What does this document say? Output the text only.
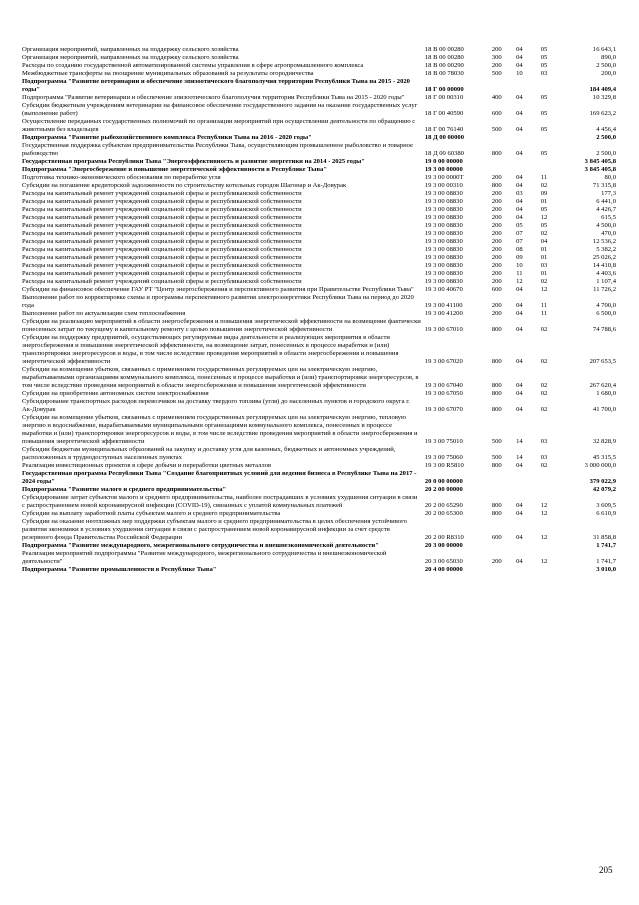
Организация мероприятий, направленных на поддержку сельского хозяйства	18 В 00 00280	200	04	05	16 643,1
Организация мероприятий, направленных на поддержку сельского хозяйства	18 В 00 00280	300	04	05	890,0
Расходы по созданию государственной автоматизированной системы управления в сфере агропромышленного комплекса	18 В 00 00290	200	04	05	2 500,0
Межбюджетные трансферты на поощрение муниципальных образований за результаты огородничества	18 В 00 78030	500	10	03	200,0
Подпрограмма "Развитие ветеринарии и обеспечение эпизоотического благополучия территории Республики Тыва на 2015 - 2020 годы"	18 Г 00 00000				184 409,4
Подпрограмма "Развитие ветеринарии и обеспечение эпизоотического благополучия территории Республики Тыва на 2015 - 2020 годы"	18 Г 00 00310	400	04	05	10 329,8
Субсидии бюджетным учреждениям ветеринарии на финансовое обеспечение государственного задания на оказание государственных услуг (выполнение работ)	18 Г 00 40590	600	04	05	169 623,2
Осуществление переданных государственных полномочий по организации мероприятий при осуществлении деятельности по обращению с животными без владельцев	18 Г 00 76140	500	04	05	4 456,4
Подпрограмма "Развитие рыбохозяйственного комплекса Республики Тыва на 2016 - 2020 годы"	18 Д 00 00000				2 500,0
Государственная поддержка субъектам предпринимательства Республики Тыва, осуществляющим промышленное рыболовство и товарное рыбоводство	18 Д 00 60380	800	04	05	2 500,0
Государственная программа Республики Тыва "Энергоэффективность и развитие энергетики на 2014 - 2025 годы"	19 0 00 00000				3 845 405,8
Подпрограмма "Энергосбережение и повышение энергетической эффективности в Республике Тыва"	19 3 00 00000				3 845 405,8
Подготовка технико-экономического обоснования по переработке угля	19 3 00 0000Т	200	04	11	80,0
Субсидии на погашение кредиторской задолженности по строительству котельных городов Шагонар и Ак-Довурак	19 3 00 00310	800	04	02	71 315,8
Расходы на капитальный ремонт учреждений социальной сферы и республиканской собственности	19 3 00 08830	200	03	09	177,3
Расходы на капитальный ремонт учреждений социальной сферы и республиканской собственности	19 3 00 08830	200	04	01	6 441,0
Расходы на капитальный ремонт учреждений социальной сферы и республиканской собственности	19 3 00 08830	200	04	05	4 426,7
Расходы на капитальный ремонт учреждений социальной сферы и республиканской собственности	19 3 00 08830	200	04	12	615,5
Расходы на капитальный ремонт учреждений социальной сферы и республиканской собственности	19 3 00 08830	200	05	05	4 500,0
Расходы на капитальный ремонт учреждений социальной сферы и республиканской собственности	19 3 00 08830	200	07	02	470,0
Расходы на капитальный ремонт учреждений социальной сферы и республиканской собственности	19 3 00 08830	200	07	04	12 536,2
Расходы на капитальный ремонт учреждений социальной сферы и республиканской собственности	19 3 00 08830	200	08	01	5 382,2
Расходы на капитальный ремонт учреждений социальной сферы и республиканской собственности	19 3 00 08830	200	09	01	25 026,2
Расходы на капитальный ремонт учреждений социальной сферы и республиканской собственности	19 3 00 08830	200	10	03	14 410,8
Расходы на капитальный ремонт учреждений социальной сферы и республиканской собственности	19 3 00 08830	200	11	01	4 403,6
Расходы на капитальный ремонт учреждений социальной сферы и республиканской собственности	19 3 00 08830	200	12	02	1 107,4
Субсидии на финансовое обеспечение ГАУ РТ "Центр энергосбережения и перспективного развития при Правительстве Республики Тыва"	19 3 00 40670	600	04	12	11 726,2
Выполнение работ по корректировке схемы и программы перспективного развития электроэнергетики Республики Тыва на период до 2020 года	19 3 00 41100	200	04	11	4 700,0
Выполнение работ по актуализации схем теплоснабжения	19 3 00 41200	200	04	11	6 500,0
Субсидии на реализацию мероприятий в области энергосбережения и повышения энергетической эффективности на возмещение фактически понесенных затрат по текущему и капитальному ремонту с целью повышения энергетической эффективности	19 3 00 67010	800	04	02	74 788,6
Субсидии на поддержку предприятий, осуществляющих регулируемые виды деятельности и реализующих мероприятия в области энергосбережения и повышения энергетической эффективности, на возмещение затрат, понесенных в процессе выработки и (или) транспортировки энергоресурсов и воды, в том числе вследствие проведения мероприятий в области энергосбережения и повышения энергетической эффективности	19 3 00 67020	800	04	02	207 653,5
Субсидии на возмещение убытков, связанных с применением государственных регулируемых цен на электрическую энергию, вырабатываемыми организациями коммунального комплекса, понесенных в процессе выработки и (или) транспортировки энергоресурсов, в том числе вследствие проведения мероприятий в области энергосбережения и повышения энергетической эффективности	19 3 00 67040	800	04	02	267 620,4
Субсидии на приобретение автономных систем электроснабжения	19 3 00 67050	800	04	02	1 680,0
Субсидирование транспортных расходов перевозчиков на доставку твердого топлива (угля) до населенных пунктов и городского округа г. Ак-Довурак	19 3 00 67070	800	04	02	41 700,0
Субсидии на возмещение убытков, связанных с применением государственных регулируемых цен на электрическую энергию, тепловую энергию и водоснабжение, вырабатываемыми муниципальными организациями коммунального комплекса, понесенных в процессе выработки и (или) транспортировки энергоресурсов и воды, в том числе вследствие проведения мероприятий в области энергосбережения и повышения энергетической эффективности	19 3 00 75010	500	14	03	32 828,9
Субсидии бюджетам муниципальных образований на закупку и доставку угля для казенных, бюджетных и автономных учреждений, расположенных в труднодоступных населенных пунктах	19 3 00 75060	500	14	03	45 315,5
Реализация инвестиционных проектов в сфере добычи и переработки цветных металлов	19 3 00 R5810	800	04	02	3 000 000,0
Государственная программа Республики Тыва "Создание благоприятных условий для ведения бизнеса в Республике Тыва на 2017 - 2024 годы"	20 0 00 00000				379 022,9
Подпрограмма "Развитие малого и среднего предпринимательства"	20 2 00 00000				42 079,2
Субсидирование затрат субъектов малого и среднего предпринимательства, наиболее пострадавших в условиях ухудшения ситуации в связи с распространением новой коронавирусной инфекции (COVID-19), связанных с уплатой коммунальных платежей	20 2 00 65290	800	04	12	3 609,5
Субсидии на выплату заработной платы субъектам малого и среднего предпринимательства	20 2 00 65300	800	04	12	6 610,9
Субсидии на оказание неотложных мер поддержки субъектам малого и среднего предпринимательства в целях обеспечения устойчивого развития экономики в условиях ухудшения ситуации в связи с распространением новой коронавирусной инфекции за счет средств резервного фонда Правительства Российской Федерации	20 2 00 R8310	600	04	12	31 858,8
Подпрограмма "Развитие международного, межрегионального сотрудничества и внешнеэкономической деятельности"	20 3 00 00000				1 741,7
Реализация мероприятий подпрограммы "Развитие международного, межрегионального сотрудничества и внешнеэкономической деятельности"	20 3 00 65030	200	04	12	1 741,7
Подпрограмма "Развитие промышленности в Республике Тыва"	20 4 00 00000				3 010,0
205
